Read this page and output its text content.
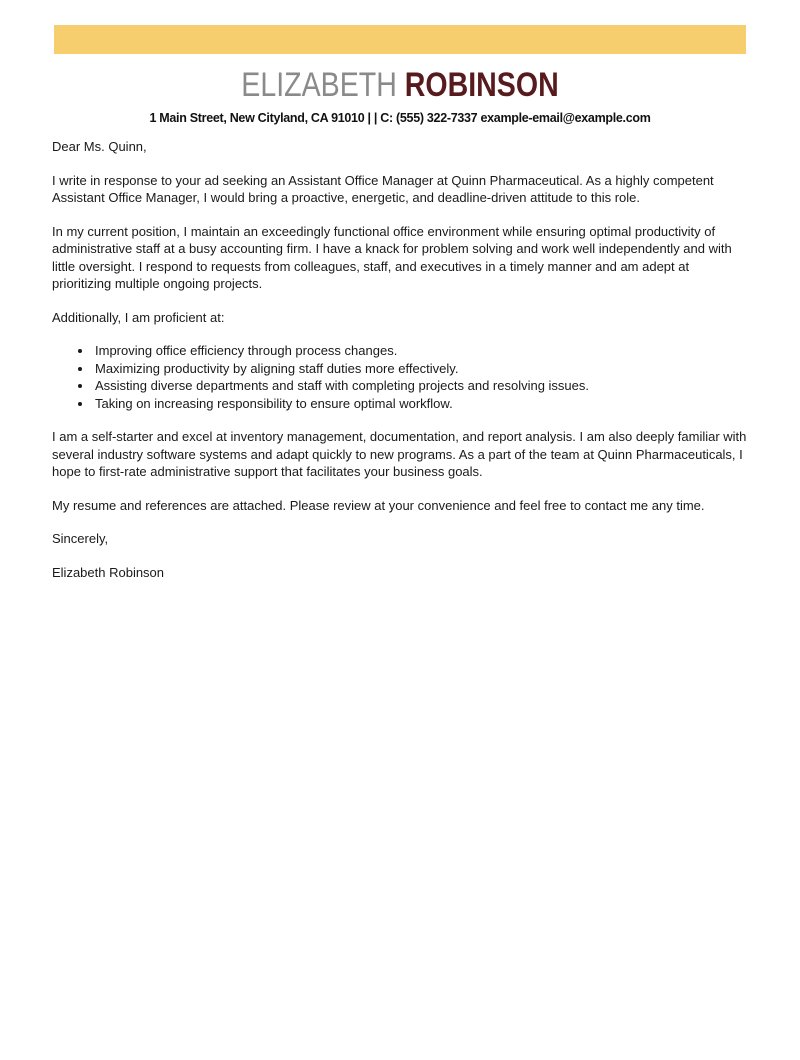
ELIZABETH ROBINSON
1 Main Street, New Cityland, CA 91010 | | C: (555) 322-7337 example-email@example.com

Dear Ms. Quinn,

I write in response to your ad seeking an Assistant Office Manager at Quinn Pharmaceutical. As a highly competent Assistant Office Manager, I would bring a proactive, energetic, and deadline-driven attitude to this role.

In my current position, I maintain an exceedingly functional office environment while ensuring optimal productivity of administrative staff at a busy accounting firm. I have a knack for problem solving and work well independently and with little oversight. I respond to requests from colleagues, staff, and executives in a timely manner and am adept at prioritizing multiple ongoing projects.

Additionally, I am proficient at:

• Improving office efficiency through process changes.
• Maximizing productivity by aligning staff duties more effectively.
• Assisting diverse departments and staff with completing projects and resolving issues.
• Taking on increasing responsibility to ensure optimal workflow.

I am a self-starter and excel at inventory management, documentation, and report analysis. I am also deeply familiar with several industry software systems and adapt quickly to new programs. As a part of the team at Quinn Pharmaceuticals, I hope to first-rate administrative support that facilitates your business goals.

My resume and references are attached. Please review at your convenience and feel free to contact me any time.

Sincerely,

Elizabeth Robinson
